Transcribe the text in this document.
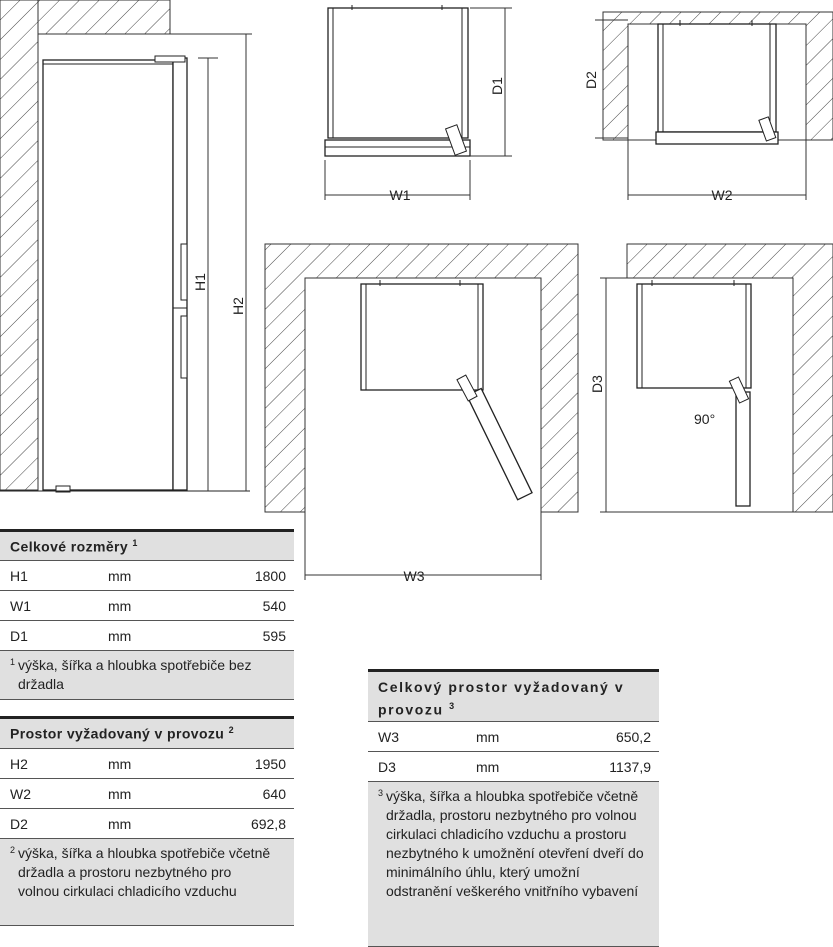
H1
H2
D1
W1
D2
W2
W3
90°
D3
Celkové rozměry $^1$
H1	mm	1800
W1	mm	540
D1	mm	595
1 výška, šířka a hloubka spotřebiče bez držadla
Prostor vyžadovaný v provozu $^2$
H2	mm	1950
W2	mm	640
D2	mm	692,8
2 výška, šířka a hloubka spotřebiče včetně držadla a prostoru nezbytného pro volnou cirkulaci chladicího vzduchu
Celkový prostor vyžadovaný v provozu $^3$
W3	mm	650,2
D3	mm	1137,9
3 výška, šířka a hloubka spotřebiče včetně držadla, prostoru nezbytného pro volnou cirkulaci chladicího vzduchu a prostoru nezbytného k umožnění otevření dveří do minimálního úhlu, který umožní odstranění veškerého vnitřního vybavení
